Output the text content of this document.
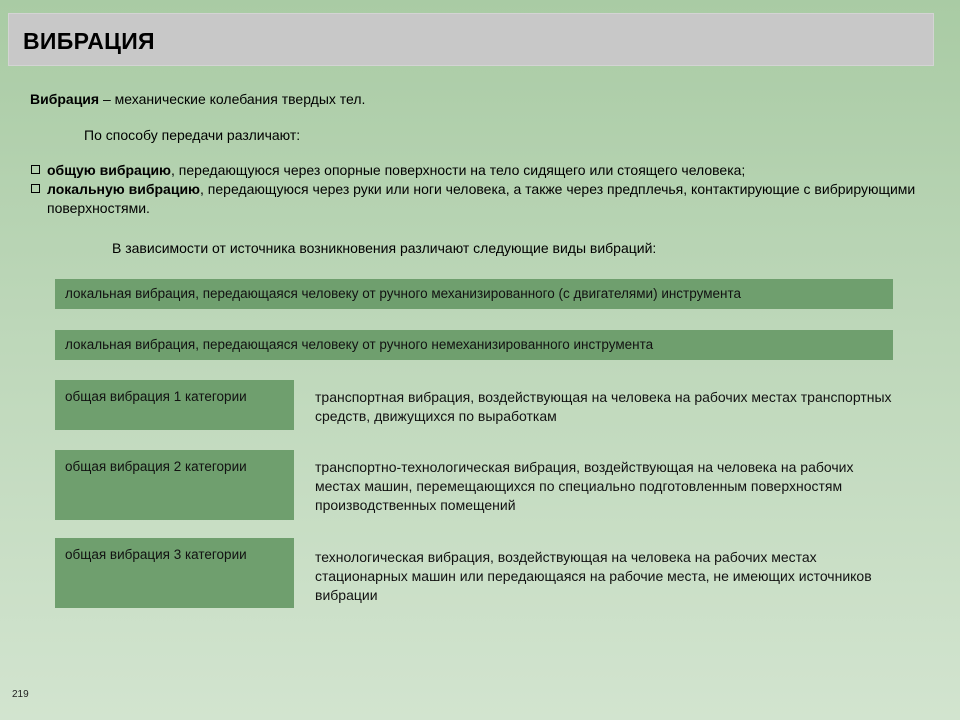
ВИБРАЦИЯ
Вибрация – механические колебания твердых тел.
По способу передачи различают:
общую вибрацию, передающуюся через опорные поверхности на тело сидящего или стоящего человека;
локальную вибрацию, передающуюся через руки или ноги человека, а также через предплечья, контактирующие с вибрирующими поверхностями.
В зависимости от источника возникновения различают следующие виды вибраций:
локальная вибрация, передающаяся человеку от ручного механизированного (с двигателями) инструмента
локальная вибрация, передающаяся человеку от ручного немеханизированного инструмента
общая вибрация 1 категории	транспортная вибрация, воздействующая на человека на рабочих местах транспортных средств, движущихся по выработкам
общая вибрация 2 категории	транспортно-технологическая вибрация, воздействующая на человека на рабочих местах машин, перемещающихся по специально подготовленным поверхностям производственных помещений
общая вибрация 3 категории	технологическая вибрация, воздействующая на человека на рабочих местах стационарных машин или передающаяся на рабочие места, не имеющих источников вибрации
219
